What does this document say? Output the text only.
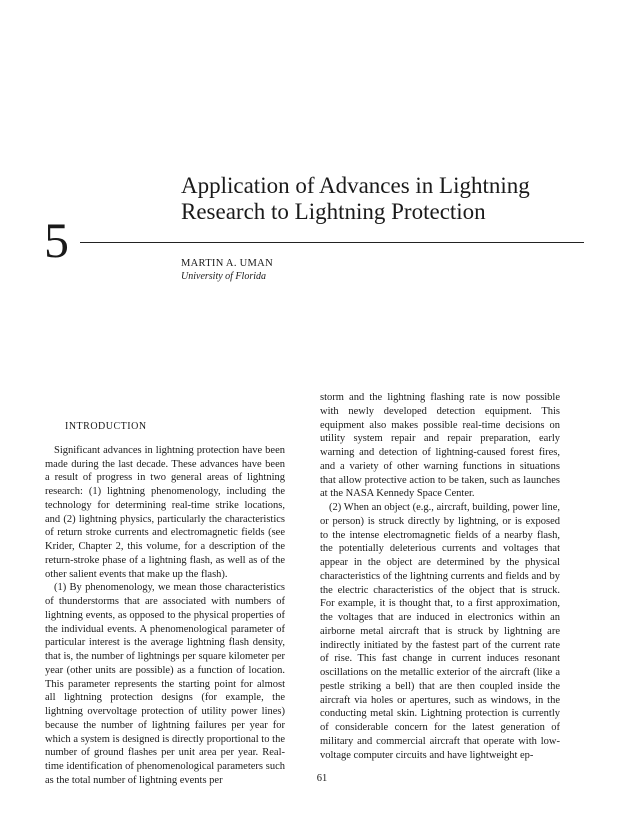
Application of Advances in Lightning Research to Lightning Protection
5	MARTIN A. UMAN
University of Florida
INTRODUCTION

Significant advances in lightning protection have been made during the last decade. These advances have been a result of progress in two general areas of lightning research: (1) lightning phenomenology, including the technology for determining real-time strike locations, and (2) lightning physics, particularly the characteristics of return stroke currents and electromagnetic fields (see Krider, Chapter 2, this volume, for a description of the return-stroke phase of a lightning flash, as well as of the other salient events that make up the flash).

(1) By phenomenology, we mean those characteristics of thunderstorms that are associated with numbers of lightning events, as opposed to the physical properties of the individual events. A phenomenological parameter of particular interest is the average lightning flash density, that is, the number of lightnings per square kilometer per year (other units are possible) as a function of location. This parameter represents the starting point for almost all lightning protection designs (for example, the lightning overvoltage protection of utility power lines) because the number of lightning failures per year for which a system is designed is directly proportional to the number of ground flashes per unit area per year. Real-time identification of phenomenological parameters such as the total number of lightning events per

storm and the lightning flashing rate is now possible with newly developed detection equipment. This equipment also makes possible real-time decisions on utility system repair and repair preparation, early warning and detection of lightning-caused forest fires, and a variety of other warning functions in situations that allow protective action to be taken, such as launches at the NASA Kennedy Space Center.

(2) When an object (e.g., aircraft, building, power line, or person) is struck directly by lightning, or is exposed to the intense electromagnetic fields of a nearby flash, the potentially deleterious currents and voltages that appear in the object are determined by the physical characteristics of the lightning currents and fields and by the electric characteristics of the object that is struck. For example, it is thought that, to a first approximation, the voltages that are induced in electronics within an airborne metal aircraft that is struck by lightning are indirectly initiated by the fastest part of the current rate of rise. This fast change in current induces resonant oscillations on the metallic exterior of the aircraft (like a pestle striking a bell) that are then coupled inside the aircraft via holes or apertures, such as windows, in the conducting metal skin. Lightning protection is currently of considerable concern for the latest generation of military and commercial aircraft that operate with low-voltage computer circuits and have lightweight ep-

61
